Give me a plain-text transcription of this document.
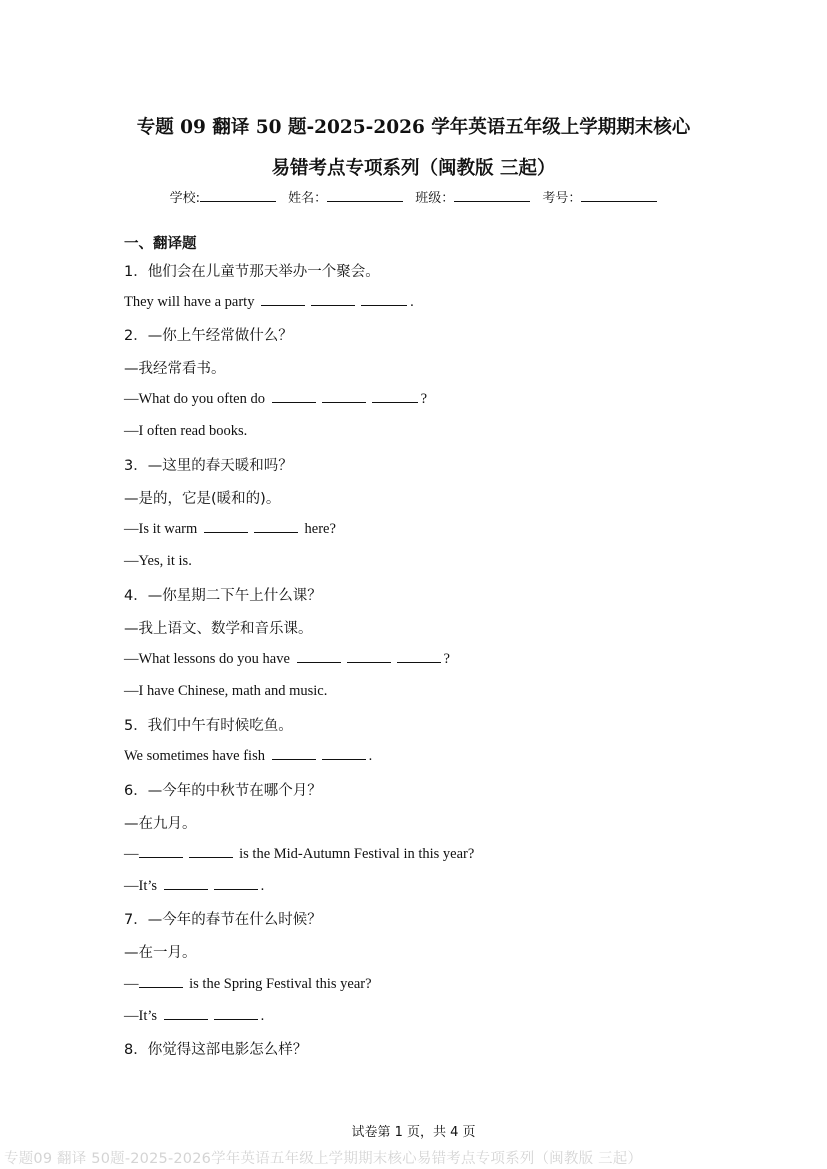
专题 09 翻译 50 题-2025-2026 学年英语五年级上学期期末核心
易错考点专项系列（闽教版 三起）
学校:	姓名：	班级：	考号：
一、翻译题
1．他们会在儿童节那天举办一个聚会。
They will have a party	.
2．—你上午经常做什么？
—我经常看书。
—What do you often do	?
—I often read books.
3．—这里的春天暖和吗？
—是的，它是(暖和的)。
—Is it warm	here?
—Yes, it is.
4．—你星期二下午上什么课？
—我上语文、数学和音乐课。
—What lessons do you have	?
—I have Chinese, math and music.
5．我们中午有时候吃鱼。
We sometimes have fish	.
6．—今年的中秋节在哪个月？
—在九月。
—	is the Mid-Autumn Festival in this year?
—It’s	.
7．—今年的春节在什么时候？
—在一月。
—	is the Spring Festival this year?
—It’s	.
8．你觉得这部电影怎么样？
试卷第 1 页，共 4 页
专题09 翻译 50题-2025-2026学年英语五年级上学期期末核心易错考点专项系列（闽教版 三起）
